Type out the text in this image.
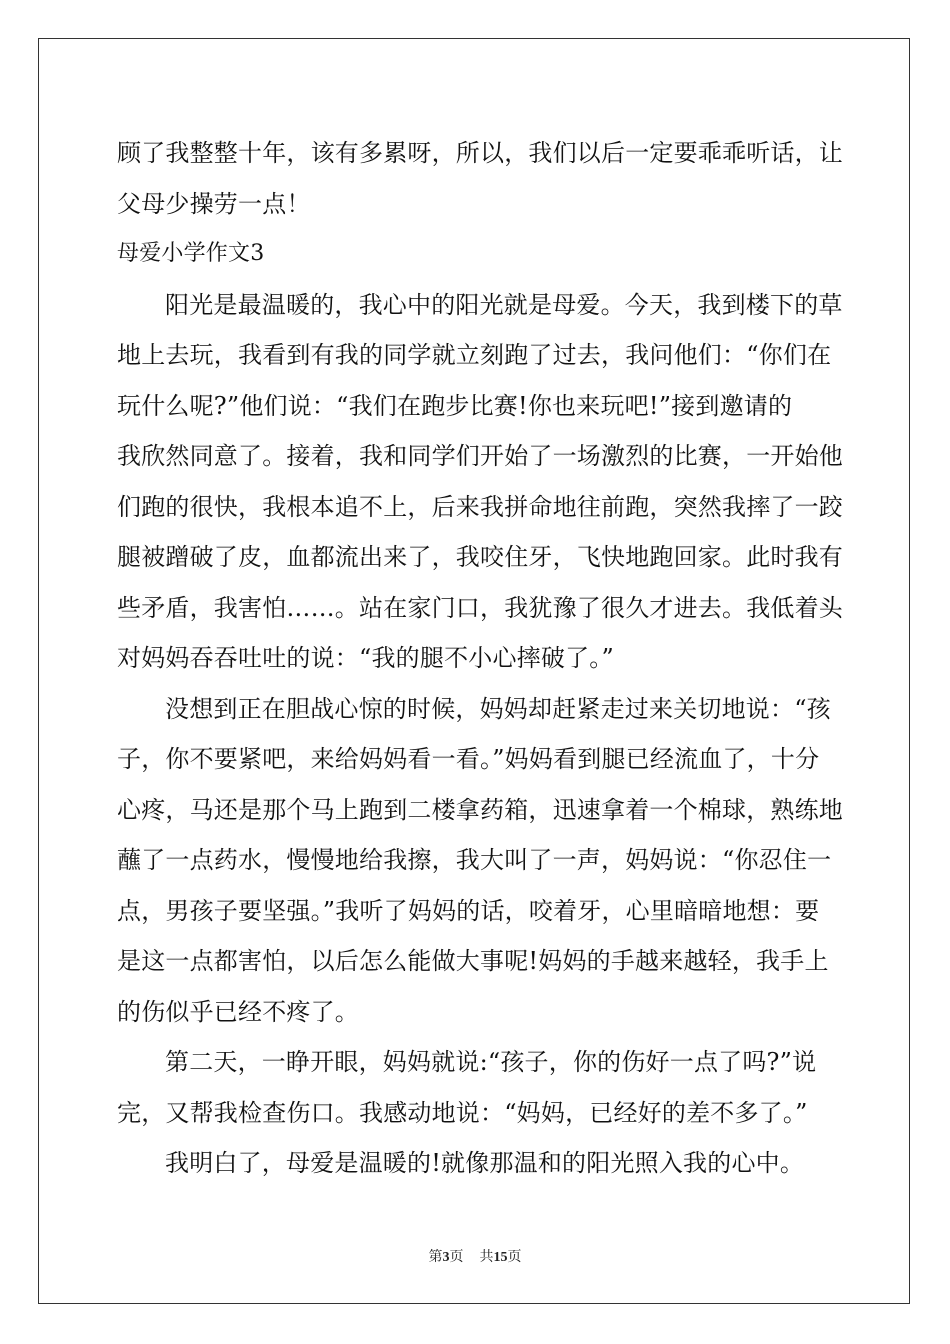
顾了我整整十年，该有多累呀，所以，我们以后一定要乖乖听话，让
父母少操劳一点！
母爱小学作文3
阳光是最温暖的，我心中的阳光就是母爱。今天，我到楼下的草
地上去玩，我看到有我的同学就立刻跑了过去，我问他们：“你们在
玩什么呢?”他们说：“我们在跑步比赛!你也来玩吧!”接到邀请的
我欣然同意了。接着，我和同学们开始了一场激烈的比赛，一开始他
们跑的很快，我根本追不上，后来我拼命地往前跑，突然我摔了一跤
腿被蹭破了皮，血都流出来了，我咬住牙，飞快地跑回家。此时我有
些矛盾，我害怕……。站在家门口，我犹豫了很久才进去。我低着头
对妈妈吞吞吐吐的说：“我的腿不小心摔破了。”
没想到正在胆战心惊的时候，妈妈却赶紧走过来关切地说：“孩
子，你不要紧吧，来给妈妈看一看。”妈妈看到腿已经流血了，十分
心疼，马还是那个马上跑到二楼拿药箱，迅速拿着一个棉球，熟练地
蘸了一点药水，慢慢地给我擦，我大叫了一声，妈妈说：“你忍住一
点，男孩子要坚强。”我听了妈妈的话，咬着牙，心里暗暗地想：要
是这一点都害怕，以后怎么能做大事呢!妈妈的手越来越轻，我手上
的伤似乎已经不疼了。
第二天，一睁开眼，妈妈就说:“孩子，你的伤好一点了吗?”说
完，又帮我检查伤口。我感动地说：“妈妈，已经好的差不多了。”
我明白了，母爱是温暖的!就像那温和的阳光照入我的心中。
第3页 共15页
